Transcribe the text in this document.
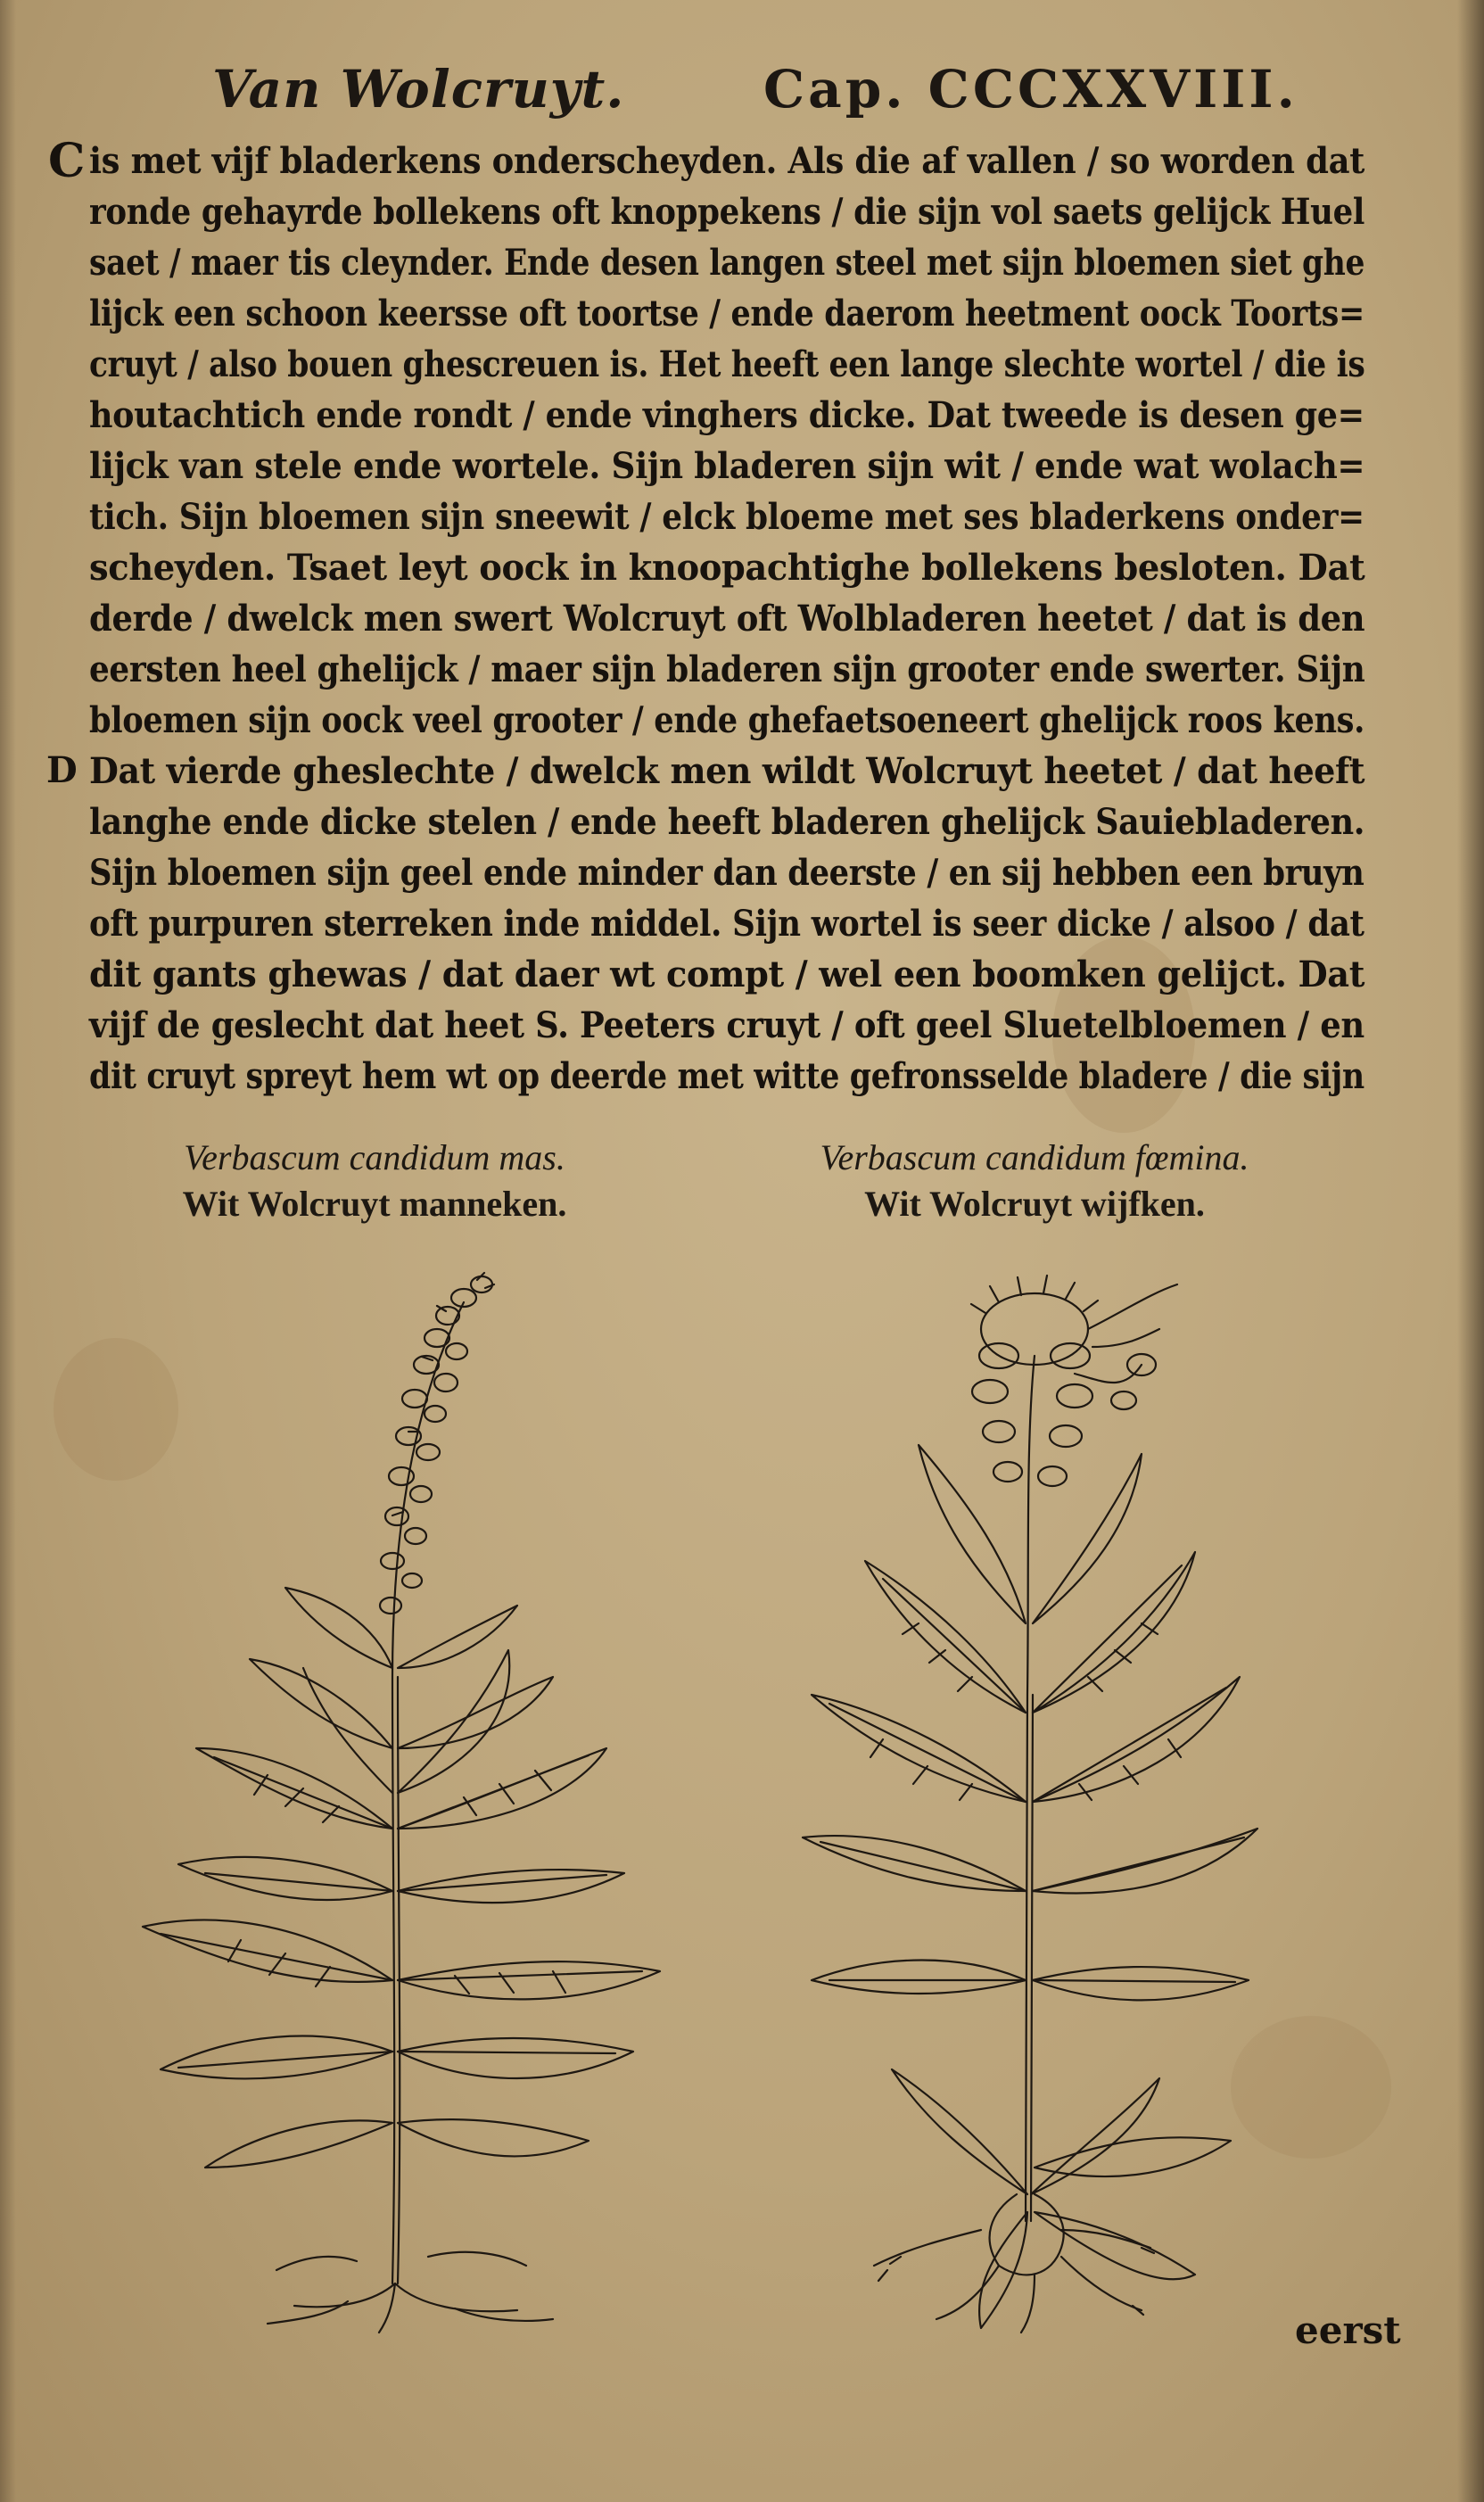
Van Wolcruyt.	Cap. CCCXXVIII.
C
D
is met vijf bladerkens onderscheyden. Als die af vallen / so worden dat
ronde gehayrde bollekens oft knoppekens / die sijn vol saets gelijck Huel
saet / maer tis cleynder. Ende desen langen steel met sijn bloemen siet ghe
lijck een schoon keersse oft toortse / ende daerom heetment oock Toorts=
cruyt / also bouen ghescreuen is. Het heeft een lange slechte wortel / die is
houtachtich ende rondt / ende vinghers dicke. Dat tweede is desen ge=
lijck van stele ende wortele. Sijn bladeren sijn wit / ende wat wolach=
tich. Sijn bloemen sijn sneewit / elck bloeme met ses bladerkens onder=
scheyden. Tsaet leyt oock in knoopachtighe bollekens besloten. Dat
derde / dwelck men swert Wolcruyt oft Wolbladeren heetet / dat is den
eersten heel ghelijck / maer sijn bladeren sijn grooter ende swerter. Sijn
bloemen sijn oock veel grooter / ende ghefaetsoeneert ghelijck roos kens.
Dat vierde gheslechte / dwelck men wildt Wolcruyt heetet / dat heeft
langhe ende dicke stelen / ende heeft bladeren ghelijck Sauiebladeren.
Sijn bloemen sijn geel ende minder dan deerste / en sij hebben een bruyn
oft purpuren sterreken inde middel. Sijn wortel is seer dicke / alsoo / dat
dit gants ghewas / dat daer wt compt / wel een boomken gelijct. Dat
vijf de geslecht dat heet S. Peeters cruyt / oft geel Sluetelbloemen / en
dit cruyt spreyt hem wt op deerde met witte gefronsselde bladere / die sijn
Verbascum candidum mas.
Wit Wolcruyt manneken.
Verbascum candidum fœmina.
Wit Wolcruyt wijfken.
eerst
